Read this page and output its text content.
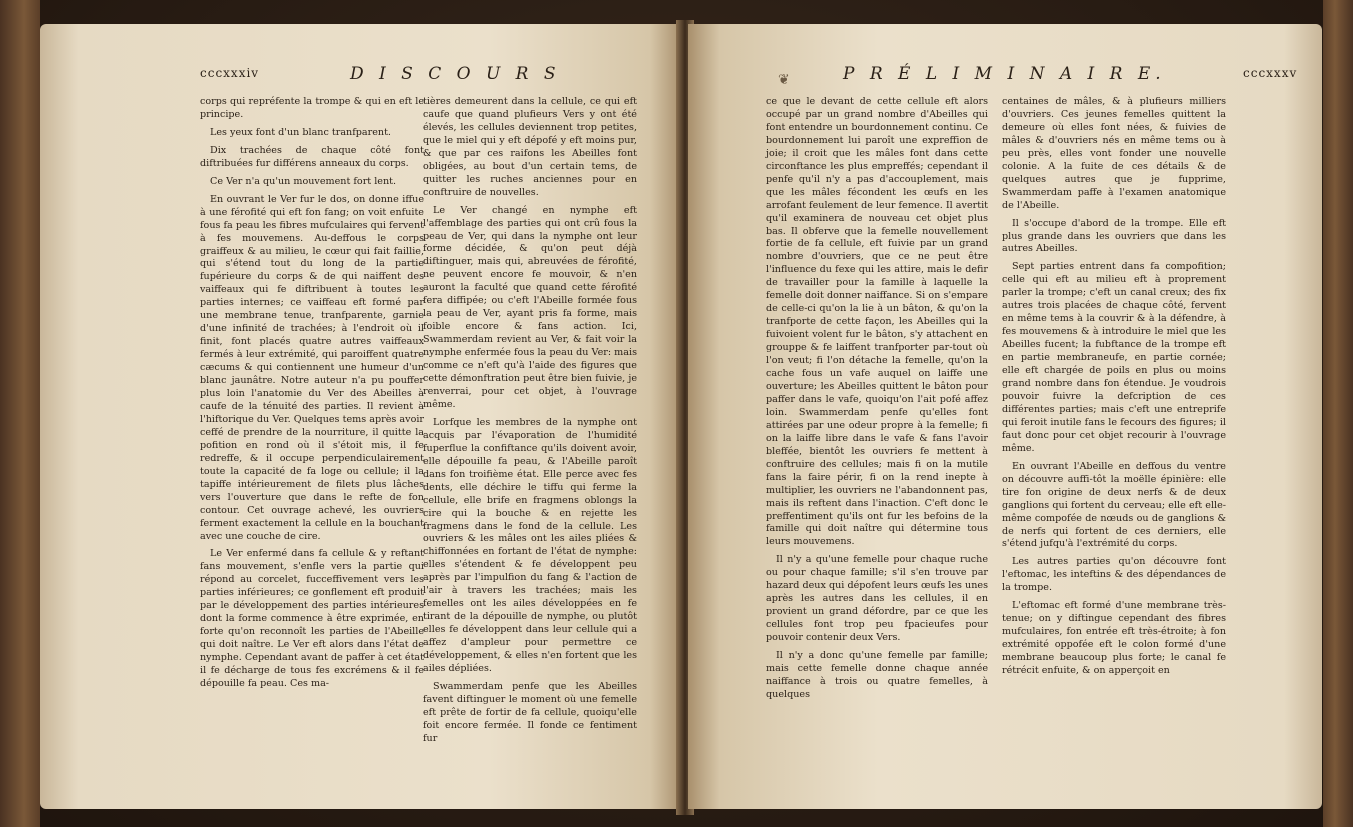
cccxxxiv	D I S C O U R S

corps qui repréfente la trompe & qui en eft le principe.

Les yeux font d'un blanc tranfparent.

Dix trachées de chaque côté font diftribuées fur différens anneaux du corps.

Ce Ver n'a qu'un mouvement fort lent.

En ouvrant le Ver fur le dos, on donne iffue à une férofité qui eft fon fang; on voit enfuite fous fa peau les fibres mufculaires qui fervent à fes mouvemens. Au-deffous le corps graiffeux & au milieu, le cœur qui fait faillie, qui s'étend tout du long de la partie fupérieure du corps & de qui naiffent des vaiffeaux qui fe diftribuent à toutes les parties internes; ce vaiffeau eft formé par une membrane tenue, tranfparente, garnie d'une infinité de trachées; à l'endroit où il finit, font placés quatre autres vaiffeaux fermés à leur extrémité, qui paroiffent quatre cæcums & qui contiennent une humeur d'un blanc jaunâtre. Notre auteur n'a pu pouffer plus loin l'anatomie du Ver des Abeilles à caufe de la ténuité des parties. Il revient à l'hiftorique du Ver. Quelques tems après avoir ceffé de prendre de la nourriture, il quitte la pofition en rond où il s'étoit mis, il fe redreffe, & il occupe perpendiculairement toute la capacité de fa loge ou cellule; il la tapiffe intérieurement de filets plus lâches vers l'ouverture que dans le refte de fon contour. Cet ouvrage achevé, les ouvriers ferment exactement la cellule en la bouchant avec une couche de cire.

Le Ver enfermé dans fa cellule & y reftant fans mouvement, s'enfle vers la partie qui répond au corcelet, fucceffivement vers les parties inférieures; ce gonflement eft produit par le développement des parties intérieures dont la forme commence à être exprimée, en forte qu'on reconnoît les parties de l'Abeille qui doit naître. Le Ver eft alors dans l'état de nymphe. Cependant avant de paffer à cet état il fe décharge de tous fes excrémens & il fe dépouille fa peau. Ces ma-

tières demeurent dans la cellule, ce qui eft caufe que quand plufieurs Vers y ont été élevés, les cellules deviennent trop petites, que le miel qui y eft dépofé y eft moins pur, & que par ces raifons les Abeilles font obligées, au bout d'un certain tems, de quitter les ruches anciennes pour en conftruire de nouvelles.

Le Ver changé en nymphe eft l'affemblage des parties qui ont crû fous la peau de Ver, qui dans la nymphe ont leur forme décidée, & qu'on peut déjà diftinguer, mais qui, abreuvées de férofité, ne peuvent encore fe mouvoir, & n'en auront la faculté que quand cette férofité fera diffipée; ou c'eft l'Abeille formée fous la peau de Ver, ayant pris fa forme, mais foible encore & fans action. Ici, Swammerdam revient au Ver, & fait voir la nymphe enfermée fous la peau du Ver: mais comme ce n'eft qu'à l'aide des figures que cette démonftration peut être bien fuivie, je renverrai, pour cet objet, à l'ouvrage même.

Lorfque les membres de la nymphe ont acquis par l'évaporation de l'humidité fuperflue la confiftance qu'ils doivent avoir, elle dépouille fa peau, & l'Abeille paroît dans fon troifième état. Elle perce avec fes dents, elle déchire le tiffu qui ferme la cellule, elle brife en fragmens oblongs la cire qui la bouche & en rejette les fragmens dans le fond de la cellule. Les ouvriers & les mâles ont les ailes pliées & chiffonnées en fortant de l'état de nymphe: elles s'étendent & fe développent peu après par l'impulfion du fang & l'action de l'air à travers les trachées; mais les femelles ont les ailes développées en fe tirant de la dépouille de nymphe, ou plutôt elles fe développent dans leur cellule qui a affez d'ampleur pour permettre ce développement, & elles n'en fortent que les ailes dépliées.

Swammerdam penfe que les Abeilles favent diftinguer le moment où une femelle eft prête de fortir de fa cellule, quoiqu'elle foit encore fermée. Il fonde ce fentiment fur

P R É L I M I N A I R E.	cccxxxv

ce que le devant de cette cellule eft alors occupé par un grand nombre d'Abeilles qui font entendre un bourdonnement continu. Ce bourdonnement lui paroît une expreffion de joie; il croit que les mâles font dans cette circonftance les plus empreffés; cependant il penfe qu'il n'y a pas d'accouplement, mais que les mâles fécondent les œufs en les arrofant feulement de leur femence. Il avertit qu'il examinera de nouveau cet objet plus bas. Il obferve que la femelle nouvellement fortie de fa cellule, eft fuivie par un grand nombre d'ouvriers, que ce ne peut être l'influence du fexe qui les attire, mais le defir de travailler pour la famille à laquelle la femelle doit donner naiffance. Si on s'empare de celle-ci qu'on la lie à un bâton, & qu'on la tranfporte de cette façon, les Abeilles qui la fuivoient volent fur le bâton, s'y attachent en grouppe & fe laiffent tranfporter par-tout où l'on veut; fi l'on détache la femelle, qu'on la cache fous un vafe auquel on laiffe une ouverture; les Abeilles quittent le bâton pour paffer dans le vafe, quoiqu'on l'ait pofé affez loin. Swammerdam penfe qu'elles font attirées par une odeur propre à la femelle; fi on la laiffe libre dans le vafe & fans l'avoir bleffée, bientôt les ouvriers fe mettent à conftruire des cellules; mais fi on la mutile fans la faire périr, fi on la rend inepte à multiplier, les ouvriers ne l'abandonnent pas, mais ils reftent dans l'inaction. C'eft donc le preffentiment qu'ils ont fur les befoins de la famille qui doit naître qui détermine tous leurs mouvemens.

Il n'y a qu'une femelle pour chaque ruche ou pour chaque famille; s'il s'en trouve par hazard deux qui dépofent leurs œufs les unes après les autres dans les cellules, il en provient un grand défordre, par ce que les cellules font trop peu fpacieufes pour pouvoir contenir deux Vers.

Il n'y a donc qu'une femelle par famille; mais cette femelle donne chaque année naiffance à trois ou quatre femelles, à quelques

centaines de mâles, & à plufieurs milliers d'ouvriers. Ces jeunes femelles quittent la demeure où elles font nées, & fuivies de mâles & d'ouvriers nés en même tems ou à peu près, elles vont fonder une nouvelle colonie. A la fuite de ces détails & de quelques autres que je fupprime, Swammerdam paffe à l'examen anatomique de l'Abeille.

Il s'occupe d'abord de la trompe. Elle eft plus grande dans les ouvriers que dans les autres Abeilles.

Sept parties entrent dans fa compofition; celle qui eft au milieu eft à proprement parler la trompe; c'eft un canal creux; des fix autres trois placées de chaque côté, fervent en même tems à la couvrir & à la défendre, à fes mouvemens & à introduire le miel que les Abeilles fucent; la fubftance de la trompe eft en partie membraneufe, en partie cornée; elle eft chargée de poils en plus ou moins grand nombre dans fon étendue. Je voudrois pouvoir fuivre la defcription de ces différentes parties; mais c'eft une entreprife qui feroit inutile fans le fecours des figures; il faut donc pour cet objet recourir à l'ouvrage même.

En ouvrant l'Abeille en deffous du ventre on découvre auffi-tôt la moëlle épinière: elle tire fon origine de deux nerfs & de deux ganglions qui fortent du cerveau; elle eft elle-même compofée de nœuds ou de ganglions & de nerfs qui fortent de ces derniers, elle s'étend jufqu'à l'extrémité du corps.

Les autres parties qu'on découvre font l'eftomac, les inteftins & des dépendances de la trompe.

L'eftomac eft formé d'une membrane très-tenue; on y diftingue cependant des fibres mufculaires, fon entrée eft très-étroite; à fon extrémité oppofée eft le colon formé d'une membrane beaucoup plus forte; le canal fe rétrécit enfuite, & on apperçoit en

❦
